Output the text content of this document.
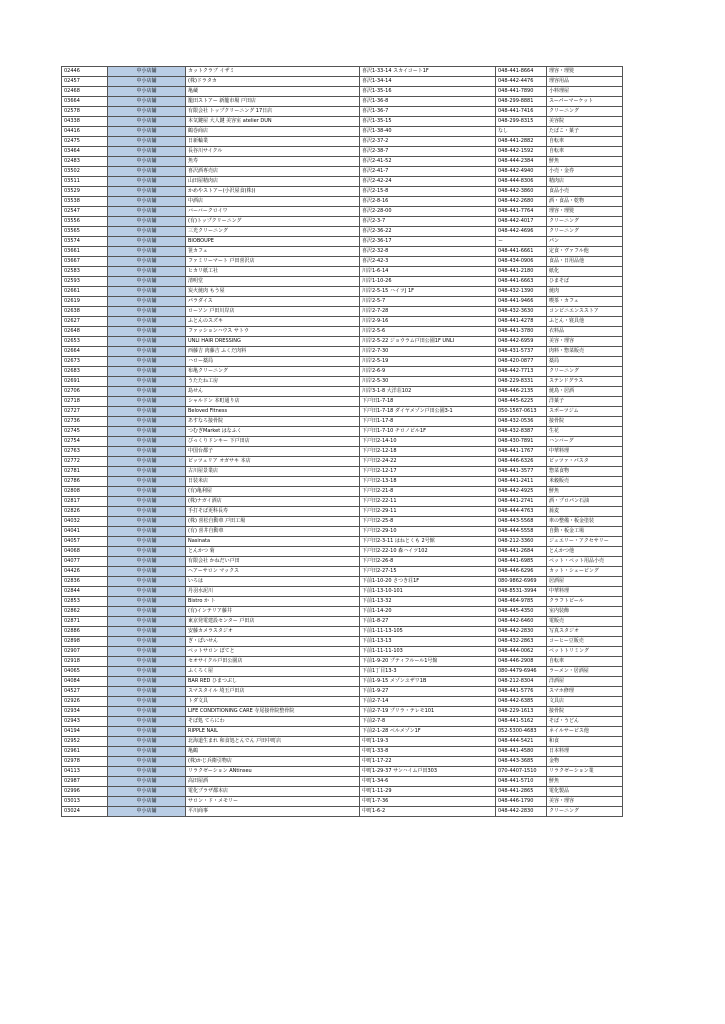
02446	中小店舗	カットクラブ イザミ	喜沢1-33-14 スカイコート1F	048-441-8664	理容・理髪
02457	中小店舗	(株)ドラタカ	喜沢1-34-14	048-442-4476	理容用品
02468	中小店舗	亀蔵	喜沢1-35-16	048-441-7890	小料理屋
03664	中小店舗	籠田ストアー 新籠市場 戸田店	喜沢1-36-8	048-299-8881	スーパーマーケット
02578	中小店舗	有限会社 トップクリーニング 17日店	喜沢1-36-7	048-441-7416	クリーニング
04338	中小店舗	本気鍵屋 大人鍵 美容室 atelier DUN	喜沢1-35-15	048-299-8315	美容院
04416	中小店舗	鶴巻商店	喜沢1-38-40	なし	たばこ・菓子
02475	中小店舗	日新輪業	喜沢2-37-2	048-441-2882	自転車
03464	中小店舗	長谷川サイクル	喜沢2-38-7	048-442-1592	自転車
02483	中小店舗	魚寿	喜沢2-41-52	048-444-2384	鮮魚
03502	中小店舗	喜沢酒専売店	喜沢2-41-7	048-442-4940	小売・金券
03511	中小店舗	山田屋精肉店	喜沢2-42-24	048-444-8306	精肉店
03529	中小店舗	かめやストアー(小沢屋食(株))	喜沢2-15-8	048-442-3860	食品小売
03538	中小店舗	中酒店	喜沢2-8-16	048-442-2680	酒・食品・乾物
02547	中小店舗	バーバークロイワ	喜沢2-28-00	048-441-7764	理容・理髪
03556	中小店舗	(有)トップクリーニング	喜沢2-3-7	048-442-4017	クリーニング
03565	中小店舗	三光クリーニング	喜沢2-36-22	048-442-4696	クリーニング
03574	中小店舗	BIOBOUPE	喜沢2-36-17	ー	パン
03661	中小店舗	笹カフェ	喜沢2-32-8	048-441-6661	定食・ヴァフル他
03667	中小店舗	ファミリーマート 戸田喜沢店	喜沢2-42-3	048-434-0906	食品・日用品他
02583	中小店舗	ヒカリ紙工社	川岸1-6-14	048-441-2180	紙化
02593	中小店舗	清明堂	川岸1-10-26	048-441-6663	ひまそば
02661	中小店舗	炭火焼肉 もう屋	川岸2-5-15 ハイツJ 1F	048-432-1390	焼肉
02619	中小店舗	パラダイス	川岸2-5-7	048-441-9466	喫茶・カフェ
02638	中小店舗	ローソン 戸田川岸店	川岸2-7-28	048-432-3630	コンビニエンスストア
02627	中小店舗	ふとんのスズキ	川岸2-9-16	048-441-4278	ふとん・寝具他
02648	中小店舗	ファッションハウス サトウ	川岸2-5-6	048-441-3780	衣料品
02653	中小店舗	UNLI HAIR DRESSING	川岸2-5-22 ジョウラム戸田公園1F UNLI	048-442-6959	美容・理容
02664	中小店舗	西藤吉 肉藤吉 ふくだ肉料	川岸2-7-30	048-431-5737	肉料・惣菜販売
02673	中小店舗	ハロー薬局	川岸2-5-19	048-420-0877	薬局
02683	中小店舗	布亀クリーニング	川岸2-6-9	048-442-7713	クリーニング
02691	中小店舗	うたたね工房	川岸2-5-30	048-229-8331	ステンドグラス
02706	中小店舗	島せん	川岸3-1-8 大洋荘102	048-446-2135	焼鳥・居酒
02718	中小店舗	シャルドン 本町通り店	下戸田1-7-18	048-445-6225	洋菓子
02727	中小店舗	Beloved Fitness	下戸田1-7-18 ダイヤメゾン戸田公園3-1	050-1567-0613	スポーツジム
02736	中小店舗	あすなろ接骨院	下戸田1-17-8	048-432-0536	接骨院
02745	中小店舗	つむぎMarket はなふく	下戸田1-7-10 チロノビル1F	048-432-8387	生花
02754	中小店舗	びっくりドンキー 下戸田店	下戸田2-14-10	048-430-7891	ハンバーグ
02763	中小店舗	中国台都子	下戸田2-12-18	048-441-1767	中華料理
02772	中小店舗	ピッツェリア オガサキ 本店	下戸田2-24-22	048-446-6326	ピッツァ・パスタ
02781	中小店舗	古川屋景業店	下戸田2-12-17	048-441-3577	惣菜食物
02786	中小店舗	日装米店	下戸田2-13-18	048-441-2411	米穀販売
02808	中小店舗	(有)亀利屋	下戸田2-21-8	048-442-4925	鮮魚
02817	中小店舗	(株)ナガイ酒店	下戸田2-22-11	048-441-2741	酒・プロパン石油
02826	中小店舗	手打そば更科長寿	下戸田2-29-11	048-444-4763	蕎麦
04032	中小店舗	(株) 喜松自動車 戸田工場	下戸田2-25-8	048-443-5568	車の整備・板金塗装
04041	中小店舗	(有) 喜井自動車	下戸田2-29-10	048-444-5558	自動・板金工場
04057	中小店舗	Nasinata	下戸田2-3-11 はねとくも 2号館	048-212-3360	ジュエリー・アクセサリー
04068	中小店舗	とんかつ 菊	下戸田2-22-10 森ハイツ102	048-441-2684	とんかつ他
04077	中小店舗	有限会社 かねだい戸田	下戸田2-26-8	048-441-6985	ペット・ペット用品小売
04426	中小店舗	ヘアーサロン マックス	下戸田2-27-15	048-446-6296	カット・シェービング
02836	中小店舗	いろは	下前1-10-20 さつき荘1F	080-9862-6969	居酒屋
02844	中小店舗	丹羽水泥川	下前1-13-10-101	048-8531-3994	中華料理
02853	中小店舗	Bistro か ト	下前1-13-32	048-464-9785	クラフトビール
02862	中小店舗	(有)インテリア藤井	下前1-14-20	048-445-4350	室内装飾
02871	中小店舗	東京発電建設センター 戸田店	下前1-8-27	048-442-6460	電販売
02886	中小店舗	安藤カメラスタジオ	下前1-11-13-105	048-442-2830	写真スタジオ
02898	中小店舗	ぎ・ぱいせん	下前1-13-13	048-432-2863	コーヒー豆販売
02907	中小店舗	ペットサロン ぼてと	下前1-11-11-103	048-444-0062	ペットトリミング
02918	中小店舗	セオサイクル戸田公園店	下前1-9-20 プティフルール1号館	048-446-2908	自転車
04065	中小店舗	ふくろく屋	下前1丁目13-3	080-4479-6946	ラーメン・居酒屋
04084	中小店舗	BAR RED ひまつぶし	下前1-9-15 メゾンユザワ1B	048-212-8304	洋酒屋
04527	中小店舗	スマスタイル 埼玉戸田店	下前1-9-27	048-441-5776	スマホ修理
02926	中小店舗	トダ文具	下前2-7-14	048-442-6385	文具店
02934	中小店舗	LIFE CONDITIONING CARE 寺尾接骨院整骨院	下前2-7-19 プリラ・テレモ101	048-229-1613	接骨院
02943	中小店舗	そば処 てらにわ	下前2-7-8	048-441-5162	そば・うどん
04194	中小店舗	RIPPLE NAIL	下前2-1-28 ベルメゾン1F	052-5300-4683	ネイルサービス他
02952	中小店舗	北海道生まれ 和食処とんでん 戸田中町店	中町1-19-3	048-444-5421	和食
02961	中小店舗	亀鶴	中町1-33-8	048-441-4580	日本料理
02978	中小店舗	(株)かじ兵衛引物店	中町1-17-22	048-443-3685	金物
04113	中小店舗	リラクゼーション ANtinseu	中町1-29-37 サンハイム戸田303	070-4407-1510	リラクゼーション業
02987	中小店舗	高田屋酒	中町1-34-6	048-441-5710	鮮魚
02996	中小店舗	電化プラザ都本店	中町1-11-29	048-441-2865	電化製品
03013	中小店舗	サロン・ド・メモリー	中町1-7-36	048-446-1790	美容・理容
03024	中小店舗	平川商事	中町1-6-2	048-442-2830	クリーニング
